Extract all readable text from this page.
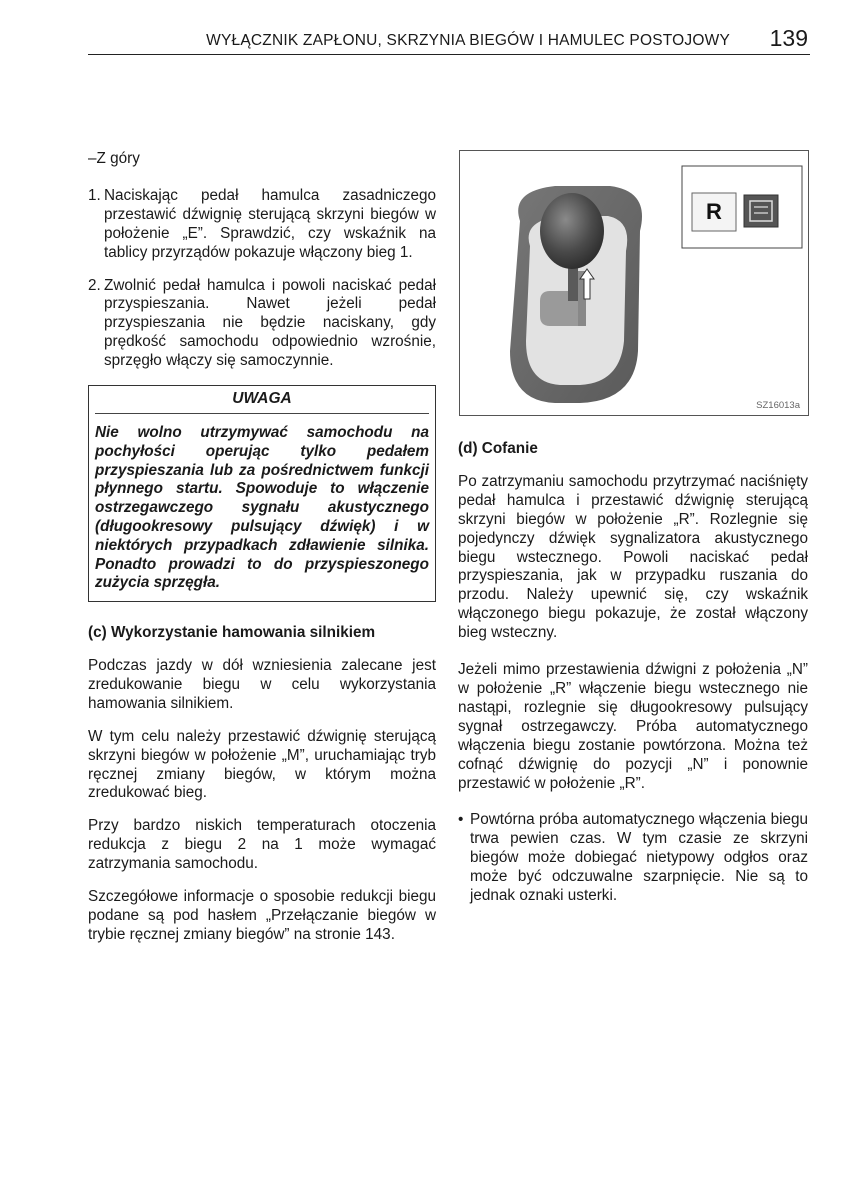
WYŁĄCZNIK ZAPŁONU, SKRZYNIA BIEGÓW I HAMULEC POSTOJOWY 139

–Z góry

1. Naciskając pedał hamulca zasadniczego przestawić dźwignię sterującą skrzyni biegów w położenie „E”. Sprawdzić, czy wskaźnik na tablicy przyrządów pokazuje włączony bieg 1.
2. Zwolnić pedał hamulca i powoli naciskać pedał przyspieszania. Nawet jeżeli pedał przyspieszania nie będzie naciskany, gdy prędkość samochodu odpowiednio wzrośnie, sprzęgło włączy się samoczynnie.
UWAGA
Nie wolno utrzymywać samochodu na pochyłości operując tylko pedałem przyspieszania lub za pośrednictwem funkcji płynnego startu. Spowoduje to włączenie ostrzegawczego sygnału akustycznego (długookresowy pulsujący dźwięk) i w niektórych przypadkach zdławienie silnika. Ponadto prowadzi to do przyspieszonego zużycia sprzęgła.
(c) Wykorzystanie hamowania silnikiem

Podczas jazdy w dół wzniesienia zalecane jest zredukowanie biegu w celu wykorzystania hamowania silnikiem.

W tym celu należy przestawić dźwignię sterującą skrzyni biegów w położenie „M”, uruchamiając tryb ręcznej zmiany biegów, w którym można zredukować bieg.

Przy bardzo niskich temperaturach otoczenia redukcja z biegu 2 na 1 może wymagać zatrzymania samochodu.

Szczegółowe informacje o sposobie redukcji biegu podane są pod hasłem „Przełączanie biegów w trybie ręcznej zmiany biegów” na stronie 143.

R
SZ16013a
(d) Cofanie

Po zatrzymaniu samochodu przytrzymać naciśnięty pedał hamulca i przestawić dźwignię sterującą skrzyni biegów w położenie „R”. Rozlegnie się pojedynczy dźwięk sygnalizatora akustycznego biegu wstecznego. Powoli naciskać pedał przyspieszania, jak w przypadku ruszania do przodu. Należy upewnić się, czy wskaźnik włączonego biegu pokazuje, że został włączony bieg wsteczny.

Jeżeli mimo przestawienia dźwigni z położenia „N” w położenie „R” włączenie biegu wstecznego nie nastąpi, rozlegnie się długookresowy pulsujący sygnał ostrzegawczy. Próba automatycznego włączenia biegu zostanie powtórzona. Można też cofnąć dźwignię do pozycji „N” i ponownie przestawić w położenie „R”.

• Powtórna próba automatycznego włączenia biegu trwa pewien czas. W tym czasie ze skrzyni biegów może dobiegać nietypowy odgłos oraz może być odczuwalne szarpnięcie. Nie są to jednak oznaki usterki.
